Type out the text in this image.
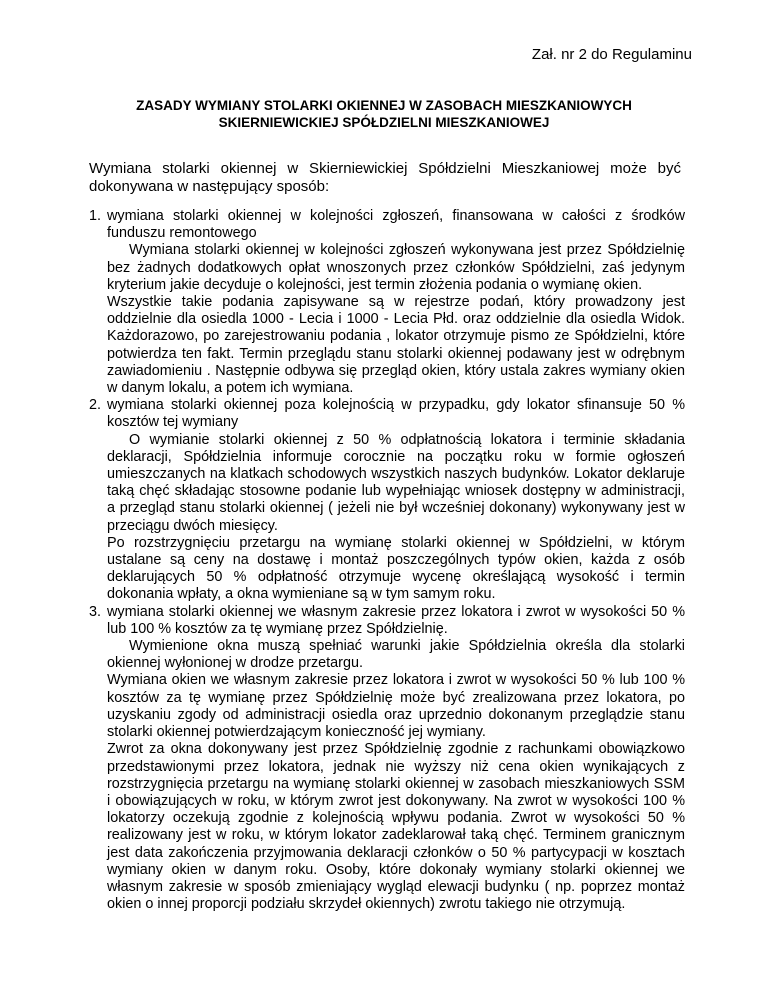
Zał. nr 2 do Regulaminu
ZASADY WYMIANY STOLARKI OKIENNEJ W ZASOBACH MIESZKANIOWYCH
SKIERNIEWICKIEJ SPÓŁDZIELNI MIESZKANIOWEJ
Wymiana stolarki okiennej w Skierniewickiej Spółdzielni Mieszkaniowej może być dokonywana w następujący sposób:
1. wymiana stolarki okiennej w kolejności zgłoszeń, finansowana w całości z środków funduszu remontowego
Wymiana stolarki okiennej w kolejności zgłoszeń wykonywana jest przez Spółdzielnię bez żadnych dodatkowych opłat wnoszonych przez członków Spółdzielni, zaś jedynym kryterium jakie decyduje o kolejności, jest termin złożenia podania o wymianę okien.
Wszystkie takie podania zapisywane są w rejestrze podań, który prowadzony jest oddzielnie dla osiedla 1000 - Lecia i 1000 - Lecia Płd. oraz oddzielnie dla osiedla Widok. Każdorazowo, po zarejestrowaniu podania , lokator otrzymuje pismo ze Spółdzielni, które potwierdza ten fakt. Termin przeglądu stanu stolarki okiennej podawany jest w odrębnym zawiadomieniu . Następnie odbywa się przegląd okien, który ustala zakres wymiany okien w danym lokalu, a potem ich wymiana.
2. wymiana stolarki okiennej poza kolejnością w przypadku, gdy lokator sfinansuje 50 % kosztów tej wymiany
O wymianie stolarki okiennej z 50 % odpłatnością lokatora i terminie składania deklaracji, Spółdzielnia informuje corocznie na początku roku w formie ogłoszeń umieszczanych na klatkach schodowych wszystkich naszych budynków. Lokator deklaruje taką chęć składając stosowne podanie lub wypełniając wniosek dostępny w administracji, a przegląd stanu stolarki okiennej ( jeżeli nie był wcześniej dokonany) wykonywany jest w przeciągu dwóch miesięcy.
Po rozstrzygnięciu przetargu na wymianę stolarki okiennej w Spółdzielni, w którym ustalane są ceny na dostawę i montaż poszczególnych typów okien, każda z osób deklarujących 50 % odpłatność otrzymuje wycenę określającą wysokość i termin dokonania wpłaty, a okna wymieniane są w tym samym roku.
3. wymiana stolarki okiennej we własnym zakresie przez lokatora i zwrot w wysokości 50 % lub 100 % kosztów za tę wymianę przez Spółdzielnię.
Wymienione okna muszą spełniać warunki jakie Spółdzielnia określa dla stolarki okiennej wyłonionej w drodze przetargu.
Wymiana okien we własnym zakresie przez lokatora i zwrot w wysokości 50 % lub 100 % kosztów za tę wymianę przez Spółdzielnię może być zrealizowana przez lokatora, po uzyskaniu zgody od administracji osiedla oraz uprzednio dokonanym przeglądzie stanu stolarki okiennej potwierdzającym konieczność jej wymiany.
Zwrot za okna dokonywany jest przez Spółdzielnię zgodnie z rachunkami obowiązkowo przedstawionymi przez lokatora, jednak nie wyższy niż cena okien wynikających z rozstrzygnięcia przetargu na wymianę stolarki okiennej w zasobach mieszkaniowych SSM i obowiązujących w roku, w którym zwrot jest dokonywany. Na zwrot w wysokości 100 % lokatorzy oczekują zgodnie z kolejnością wpływu podania. Zwrot w wysokości 50 % realizowany jest w roku, w którym lokator zadeklarował taką chęć. Terminem granicznym jest data zakończenia przyjmowania deklaracji członków o 50 % partycypacji w kosztach wymiany okien w danym roku. Osoby, które dokonały wymiany stolarki okiennej we własnym zakresie w sposób zmieniający wygląd elewacji budynku ( np. poprzez montaż okien o innej proporcji podziału skrzydeł okiennych) zwrotu takiego nie otrzymują.
